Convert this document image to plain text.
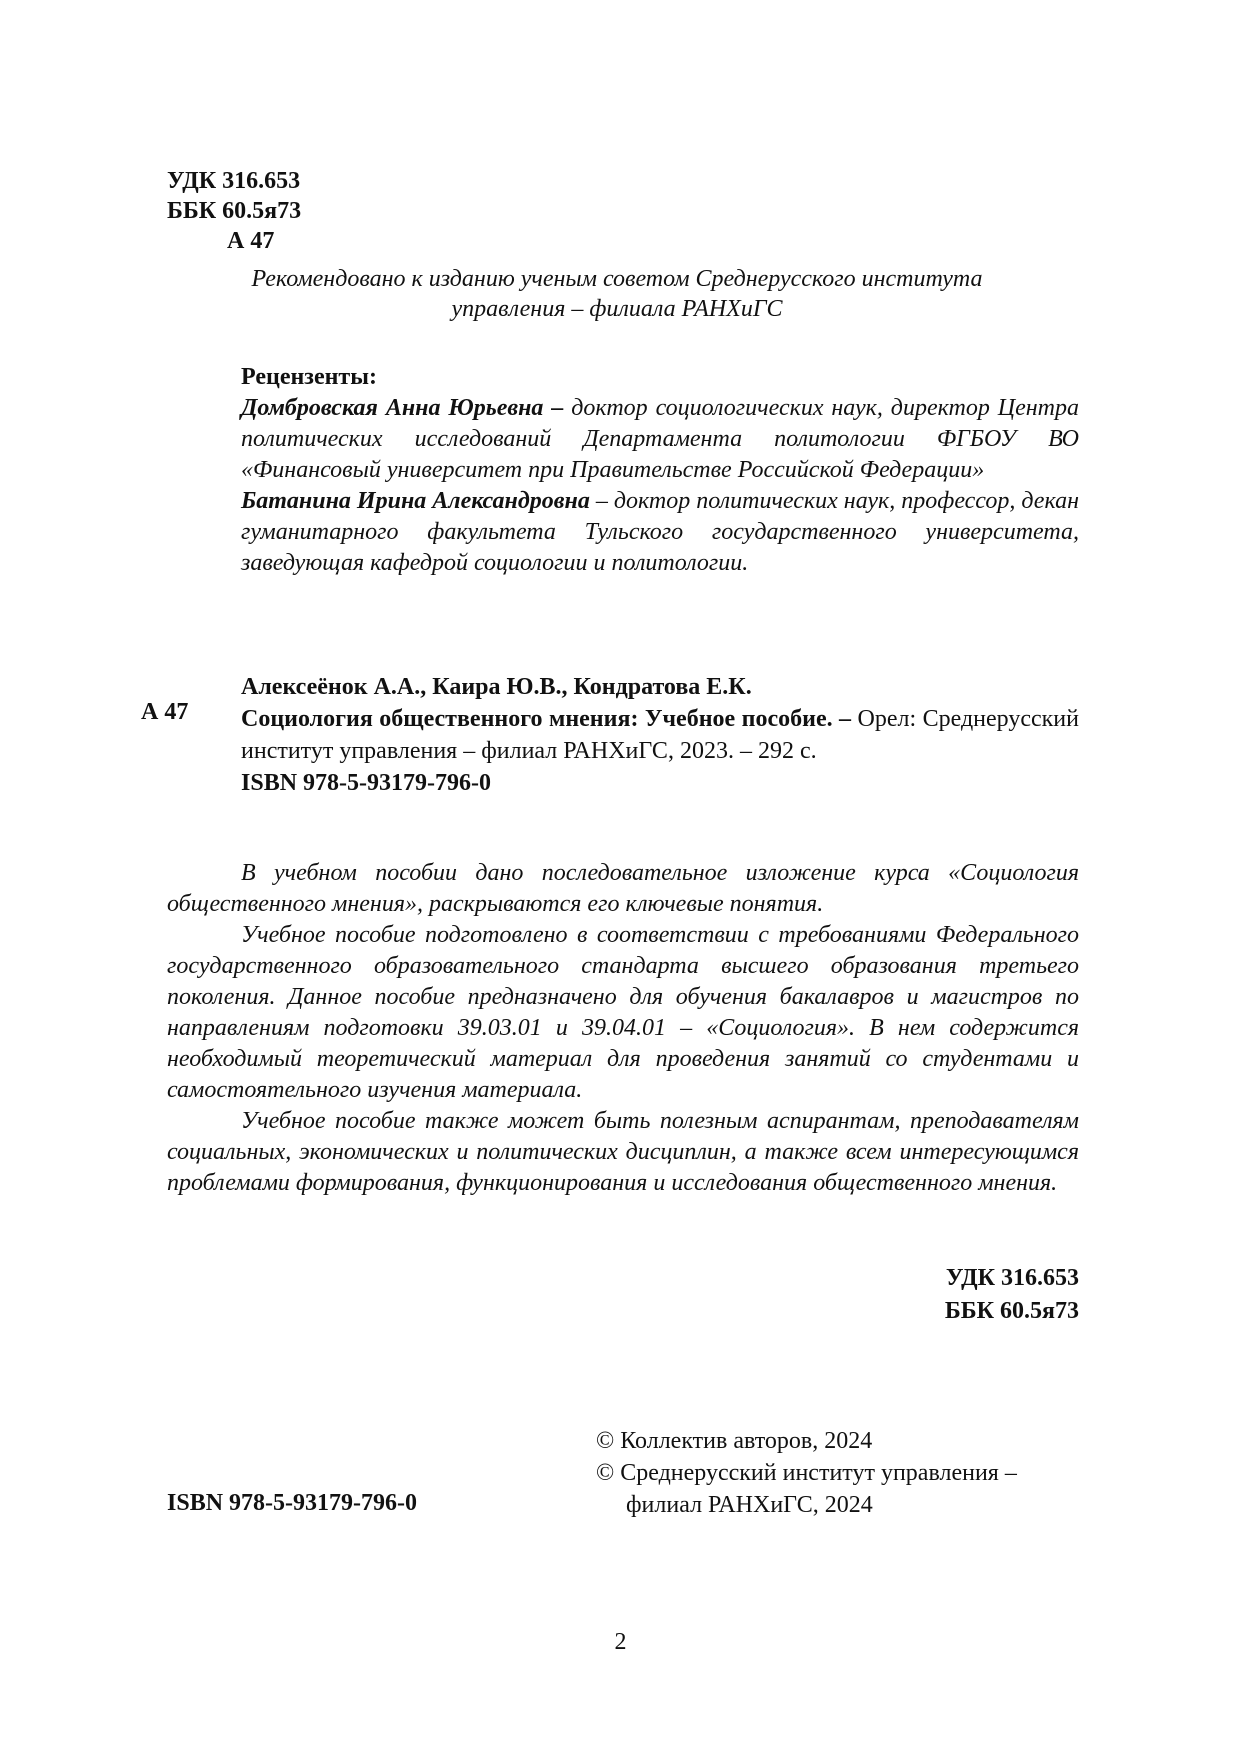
УДК 316.653
ББК 60.5я73
А 47
Рекомендовано к изданию ученым советом Среднерусского института
управления – филиала РАНХиГС
Рецензенты:
Домбровская Анна Юрьевна – доктор социологических наук, директор Центра политических исследований Департамента политологии ФГБОУ ВО «Финансовый университет при Правительстве Российской Федерации»
Батанина Ирина Александровна – доктор политических наук, профессор, декан гуманитарного факультета Тульского государственного университета, заведующая кафедрой социологии и политологии.
А 47
Алексеёнок А.А., Каира Ю.В., Кондратова Е.К.
Социология общественного мнения: Учебное пособие. – Орел: Среднерусский институт управления – филиал РАНХиГС, 2023. – 292 с.
ISBN 978-5-93179-796-0

В учебном пособии дано последовательное изложение курса «Социология общественного мнения», раскрываются его ключевые понятия.

Учебное пособие подготовлено в соответствии с требованиями Федерального государственного образовательного стандарта высшего образования третьего поколения. Данное пособие предназначено для обучения бакалавров и магистров по направлениям подготовки 39.03.01 и 39.04.01 – «Социология». В нем содержится необходимый теоретический материал для проведения занятий со студентами и самостоятельного изучения материала.

Учебное пособие также может быть полезным аспирантам, преподавателям социальных, экономических и политических дисциплин, а также всем интересующимся проблемами формирования, функционирования и исследования общественного мнения.

УДК 316.653
ББК 60.5я73
© Коллектив авторов, 2024
© Среднерусский институт управления –
филиал РАНХиГС, 2024
ISBN 978-5-93179-796-0
2
